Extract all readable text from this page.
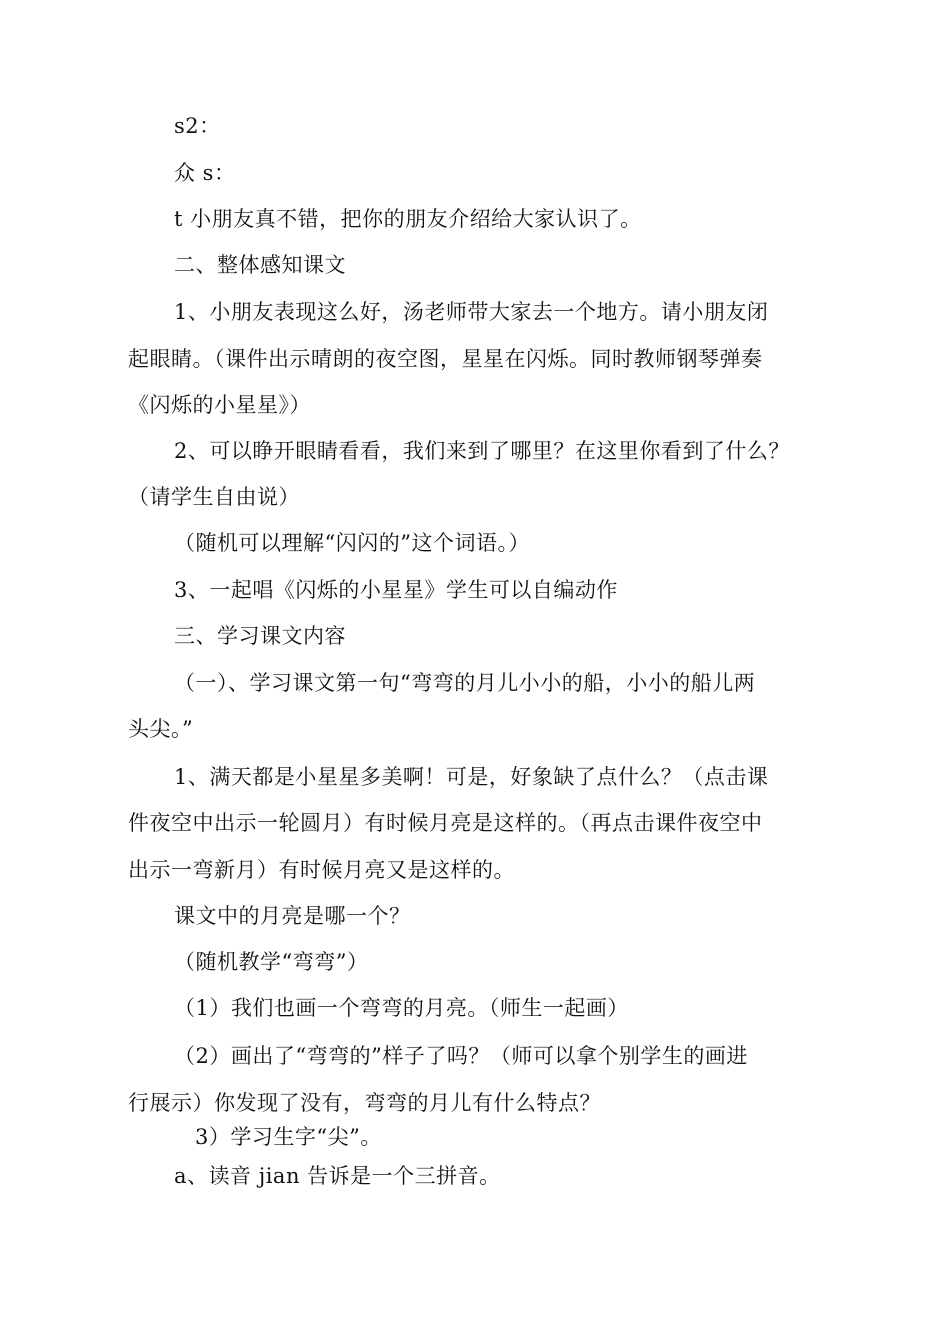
s2：
众 s：
t 小朋友真不错，把你的朋友介绍给大家认识了。
二、整体感知课文
1、小朋友表现这么好，汤老师带大家去一个地方。请小朋友闭
起眼睛。（课件出示晴朗的夜空图，星星在闪烁。同时教师钢琴弹奏
《闪烁的小星星》）
2、可以睁开眼睛看看，我们来到了哪里？在这里你看到了什么？
（请学生自由说）
（随机可以理解“闪闪的”这个词语。）
3、一起唱《闪烁的小星星》学生可以自编动作
三、学习课文内容
（一）、学习课文第一句“弯弯的月儿小小的船，小小的船儿两
头尖。”
1、满天都是小星星多美啊！可是，好象缺了点什么？（点击课
件夜空中出示一轮圆月）有时候月亮是这样的。（再点击课件夜空中
出示一弯新月）有时候月亮又是这样的。
课文中的月亮是哪一个？
（随机教学“弯弯”）
（1）我们也画一个弯弯的月亮。（师生一起画）
（2）画出了“弯弯的”样子了吗？（师可以拿个别学生的画进
行展示）你发现了没有，弯弯的月儿有什么特点？
3）学习生字“尖”。
a、读音 jian 告诉是一个三拼音。
